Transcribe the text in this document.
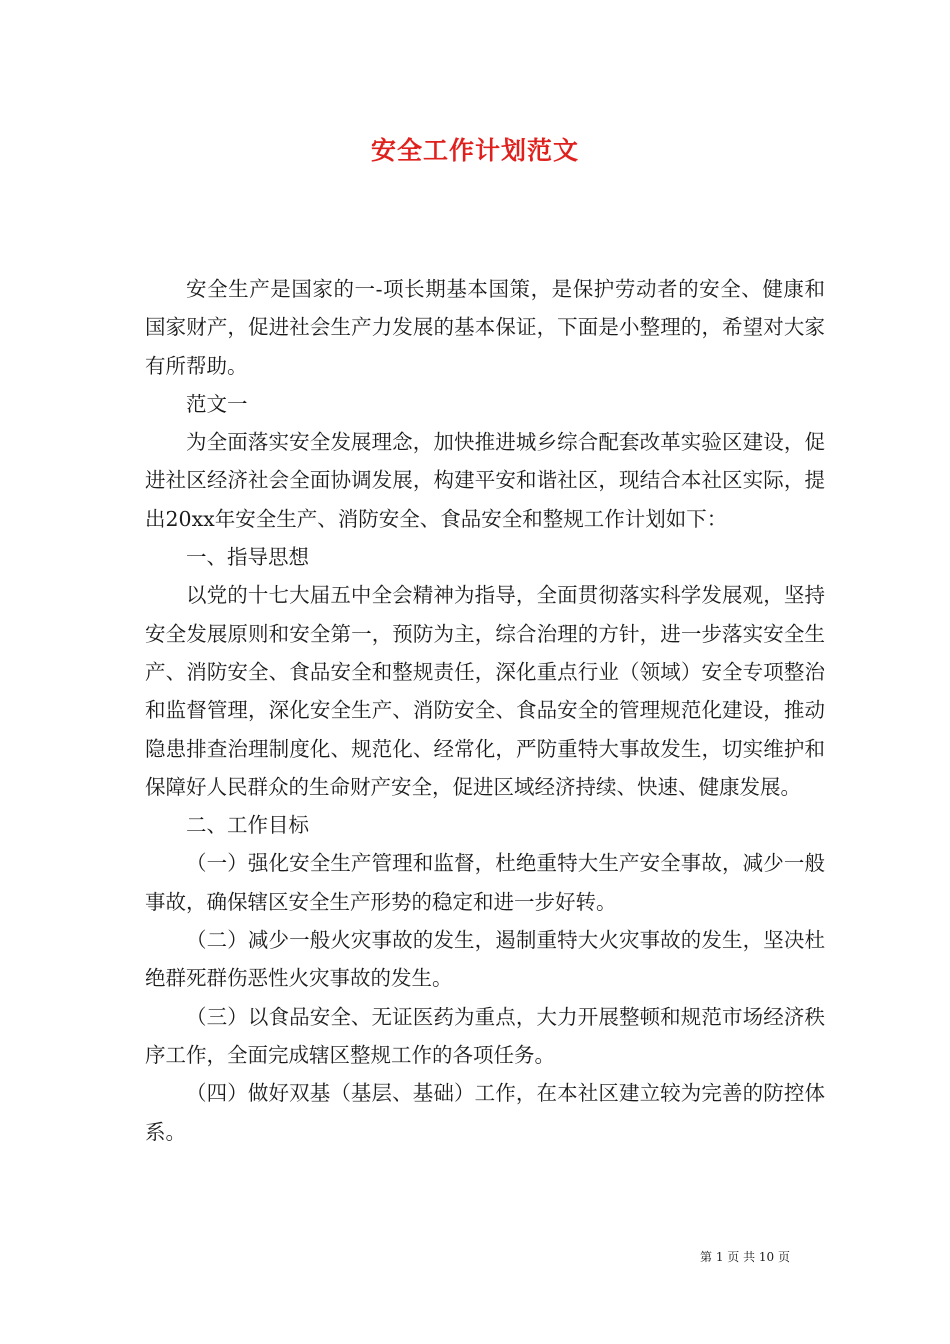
安全工作计划范文

安全生产是国家的一-项长期基本国策，是保护劳动者的安全、健康和国家财产，促进社会生产力发展的基本保证，下面是小整理的，希望对大家有所帮助。

范文一

为全面落实安全发展理念，加快推进城乡综合配套改革实验区建设，促进社区经济社会全面协调发展，构建平安和谐社区，现结合本社区实际，提出20xx年安全生产、消防安全、食品安全和整规工作计划如下：

一、指导思想

以党的十七大届五中全会精神为指导，全面贯彻落实科学发展观，坚持安全发展原则和安全第一，预防为主，综合治理的方针，进一步落实安全生产、消防安全、食品安全和整规责任，深化重点行业（领域）安全专项整治和监督管理，深化安全生产、消防安全、食品安全的管理规范化建设，推动隐患排查治理制度化、规范化、经常化，严防重特大事故发生，切实维护和保障好人民群众的生命财产安全，促进区域经济持续、快速、健康发展。

二、工作目标

（一）强化安全生产管理和监督，杜绝重特大生产安全事故，减少一般事故，确保辖区安全生产形势的稳定和进一步好转。

（二）减少一般火灾事故的发生，遏制重特大火灾事故的发生，坚决杜绝群死群伤恶性火灾事故的发生。

（三）以食品安全、无证医药为重点，大力开展整顿和规范市场经济秩序工作，全面完成辖区整规工作的各项任务。

（四）做好双基（基层、基础）工作，在本社区建立较为完善的防控体系。

第 1 页 共 10 页
